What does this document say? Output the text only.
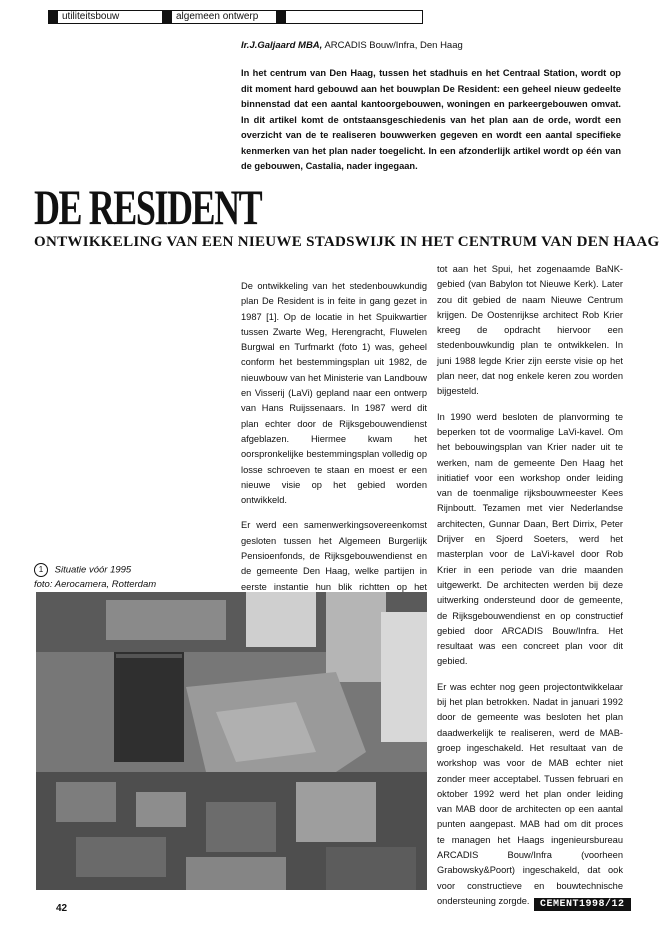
utiliteitsbouw	algemeen ontwerp
Ir.J.Galjaard MBA, ARCADIS Bouw/Infra, Den Haag
In het centrum van Den Haag, tussen het stadhuis en het Centraal Station, wordt op dit moment hard gebouwd aan het bouwplan De Resident: een geheel nieuw gedeelte binnenstad dat een aantal kantoorgebouwen, woningen en parkeergebouwen omvat. In dit artikel komt de ontstaansgeschiedenis van het plan aan de orde, wordt een overzicht van de te realiseren bouwwerken gegeven en wordt een aantal specifieke kenmerken van het plan nader toegelicht. In een afzonderlijk artikel wordt op één van de gebouwen, Castalia, nader ingegaan.
DE RESIDENT
ONTWIKKELING VAN EEN NIEUWE STADSWIJK IN HET CENTRUM VAN DEN HAAG

De ontwikkeling van het stedenbouwkundig plan De Resident is in feite in gang gezet in 1987 [1]. Op de locatie in het Spuikwartier tussen Zwarte Weg, Herengracht, Fluwelen Burgwal en Turfmarkt (foto 1) was, geheel conform het bestemmingsplan uit 1982, de nieuwbouw van het Ministerie van Landbouw en Visserij (LaVi) gepland naar een ontwerp van Hans Ruijssenaars. In 1987 werd dit plan echter door de Rijksgebouwendienst afgeblazen. Hiermee kwam het oorspronkelijke bestemmingsplan volledig op losse schroeven te staan en moest er een nieuwe visie op het gebied worden ontwikkeld.

Er werd een samenwerkingsovereenkomst gesloten tussen het Algemeen Burgerlijk Pensioenfonds, de Rijksgebouwendienst en de gemeente Den Haag, welke partijen in eerste instantie hun blik richtten op het

tot aan het Spui, het zogenaamde BaNK-gebied (van Babylon tot Nieuwe Kerk). Later zou dit gebied de naam Nieuwe Centrum krijgen. De Oostenrijkse architect Rob Krier kreeg de opdracht hiervoor een stedenbouwkundig plan te ontwikkelen. In juni 1988 legde Krier zijn eerste visie op het plan neer, dat nog enkele keren zou worden bijgesteld.

In 1990 werd besloten de planvorming te beperken tot de voormalige LaVi-kavel. Om het bebouwingsplan van Krier nader uit te werken, nam de gemeente Den Haag het initiatief voor een workshop onder leiding van de toenmalige rijksbouwmeester Kees Rijnboutt. Tezamen met vier Nederlandse architecten, Gunnar Daan, Bert Dirrix, Peter Drijver en Sjoerd Soeters, werd het masterplan voor de LaVi-kavel door Rob Krier in een periode van drie maanden uitgewerkt. De architecten werden bij deze uitwerking ondersteund door de gemeente, de Rijksgebouwendienst en op constructief gebied door ARCADIS Bouw/Infra. Het resultaat was een concreet plan voor dit gebied.

Er was echter nog geen projectontwikkelaar bij het plan betrokken. Nadat in januari 1992 door de gemeente was besloten het plan daadwerkelijk te realiseren, werd de MAB-groep ingeschakeld. Het resultaat van de workshop was voor de MAB echter niet zonder meer acceptabel. Tussen februari en oktober 1992 werd het plan onder leiding van MAB door de architecten op een aantal punten aangepast. MAB had om dit proces te managen het Haags ingenieursbureau ARCADIS Bouw/Infra (voorheen Grabowsky&Poort) ingeschakeld, dat ook voor constructieve en bouwtechnische ondersteuning zorgde.

1 Situatie vóór 1995
foto: Aerocamera, Rotterdam
42	CEMENT1998/12
